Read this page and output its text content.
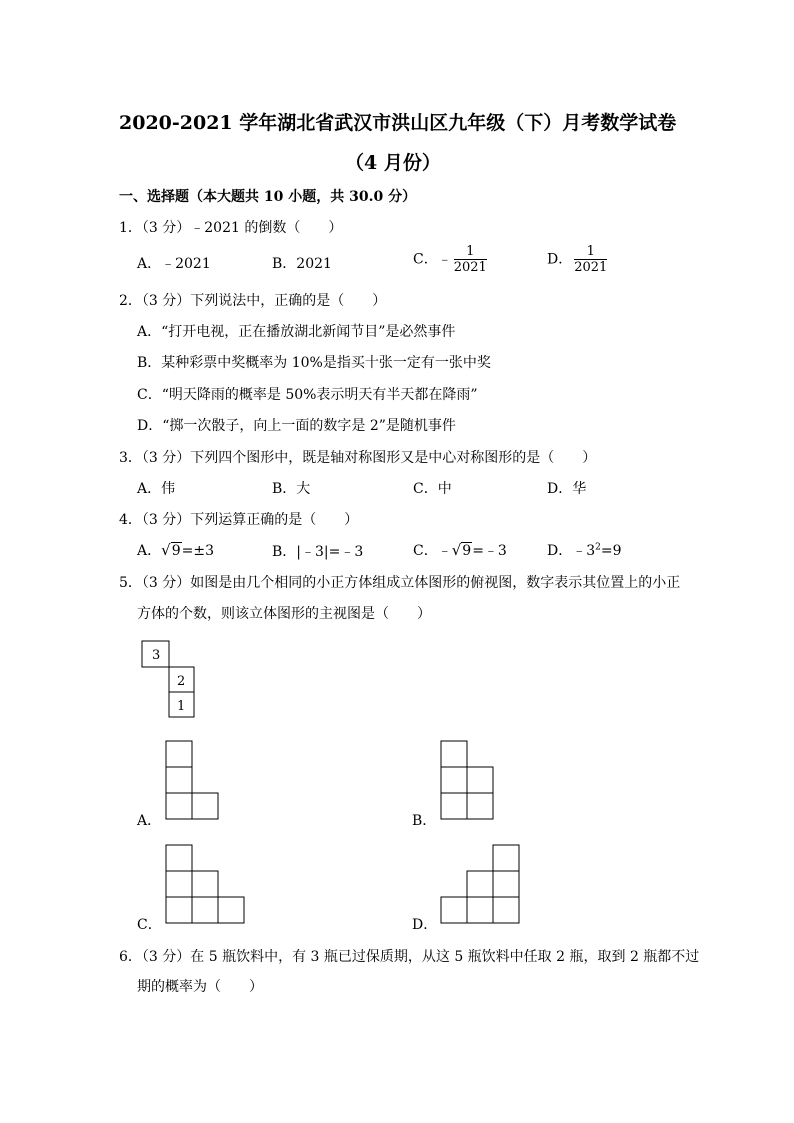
2020-2021 学年湖北省武汉市洪山区九年级（下）月考数学试卷
（4 月份）
一、选择题（本大题共 10 小题，共 30.0 分）
1．（3 分）﹣2021 的倒数（　　）
A．﹣2021	B．2021	C．﹣ $\frac{1}{2021}$	D． $\frac{1}{2021}$
2．（3 分）下列说法中，正确的是（　　）
A．“打开电视，正在播放湖北新闻节目”是必然事件
B．某种彩票中奖概率为 10%是指买十张一定有一张中奖
C．“明天降雨的概率是 50%表示明天有半天都在降雨”
D．“掷一次骰子，向上一面的数字是 2”是随机事件
3．（3 分）下列四个图形中，既是轴对称图形又是中心对称图形的是（　　）
A．伟	B．大	C．中	D．华
4．（3 分）下列运算正确的是（　　）
A．√9=±3	B．|﹣3|=﹣3	C．﹣√9=﹣3	D．$﹣3^2=9$
5．（3 分）如图是由几个相同的小正方体组成立体图形的俯视图，数字表示其位置上的小正
方体的个数，则该立体图形的主视图是（　　）
3
2
1
A．	B．
C．	D．
6．（3 分）在 5 瓶饮料中，有 3 瓶已过保质期，从这 5 瓶饮料中任取 2 瓶，取到 2 瓶都不过
期的概率为（　　）
